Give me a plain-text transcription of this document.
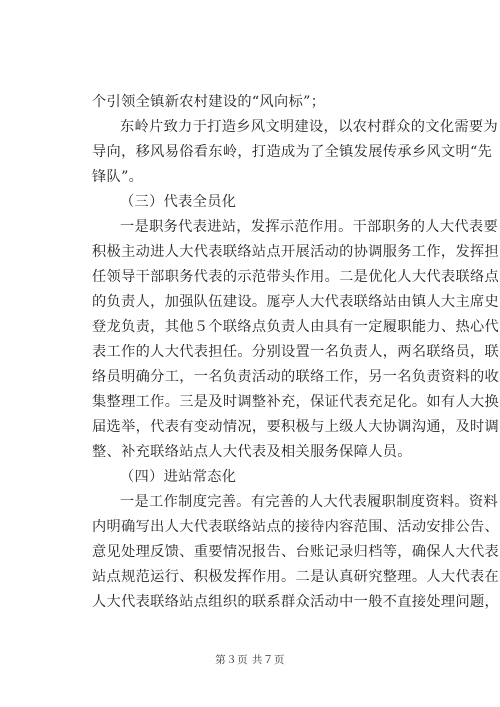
个引领全镇新农村建设的“风向标”；
东岭片致力于打造乡风文明建设，以农村群众的文化需要为
导向，移风易俗看东岭，打造成为了全镇发展传承乡风文明“先
锋队”。
（三）代表全员化
一是职务代表进站，发挥示范作用。干部职务的人大代表要
积极主动进人大代表联络站点开展活动的协调服务工作，发挥担
任领导干部职务代表的示范带头作用。二是优化人大代表联络点
的负责人，加强队伍建设。厖亭人大代表联络站由镇人大主席史
登龙负责，其他５个联络点负责人由具有一定履职能力、热心代
表工作的人大代表担任。分别设置一名负责人，两名联络员，联
络员明确分工，一名负责活动的联络工作，另一名负责资料的收
集整理工作。三是及时调整补充，保证代表充足化。如有人大换
届选举，代表有变动情况，要积极与上级人大协调沟通，及时调
整、补充联络站点人大代表及相关服务保障人员。
（四）进站常态化
一是工作制度完善。有完善的人大代表履职制度资料。资料
内明确写出人大代表联络站点的接待内容范围、活动安排公告、
意见处理反馈、重要情况报告、台账记录归档等，确保人大代表
站点规范运行、积极发挥作用。二是认真研究整理。人大代表在
人大代表联络站点组织的联系群众活动中一般不直接处理问题，
第３页 共７页
